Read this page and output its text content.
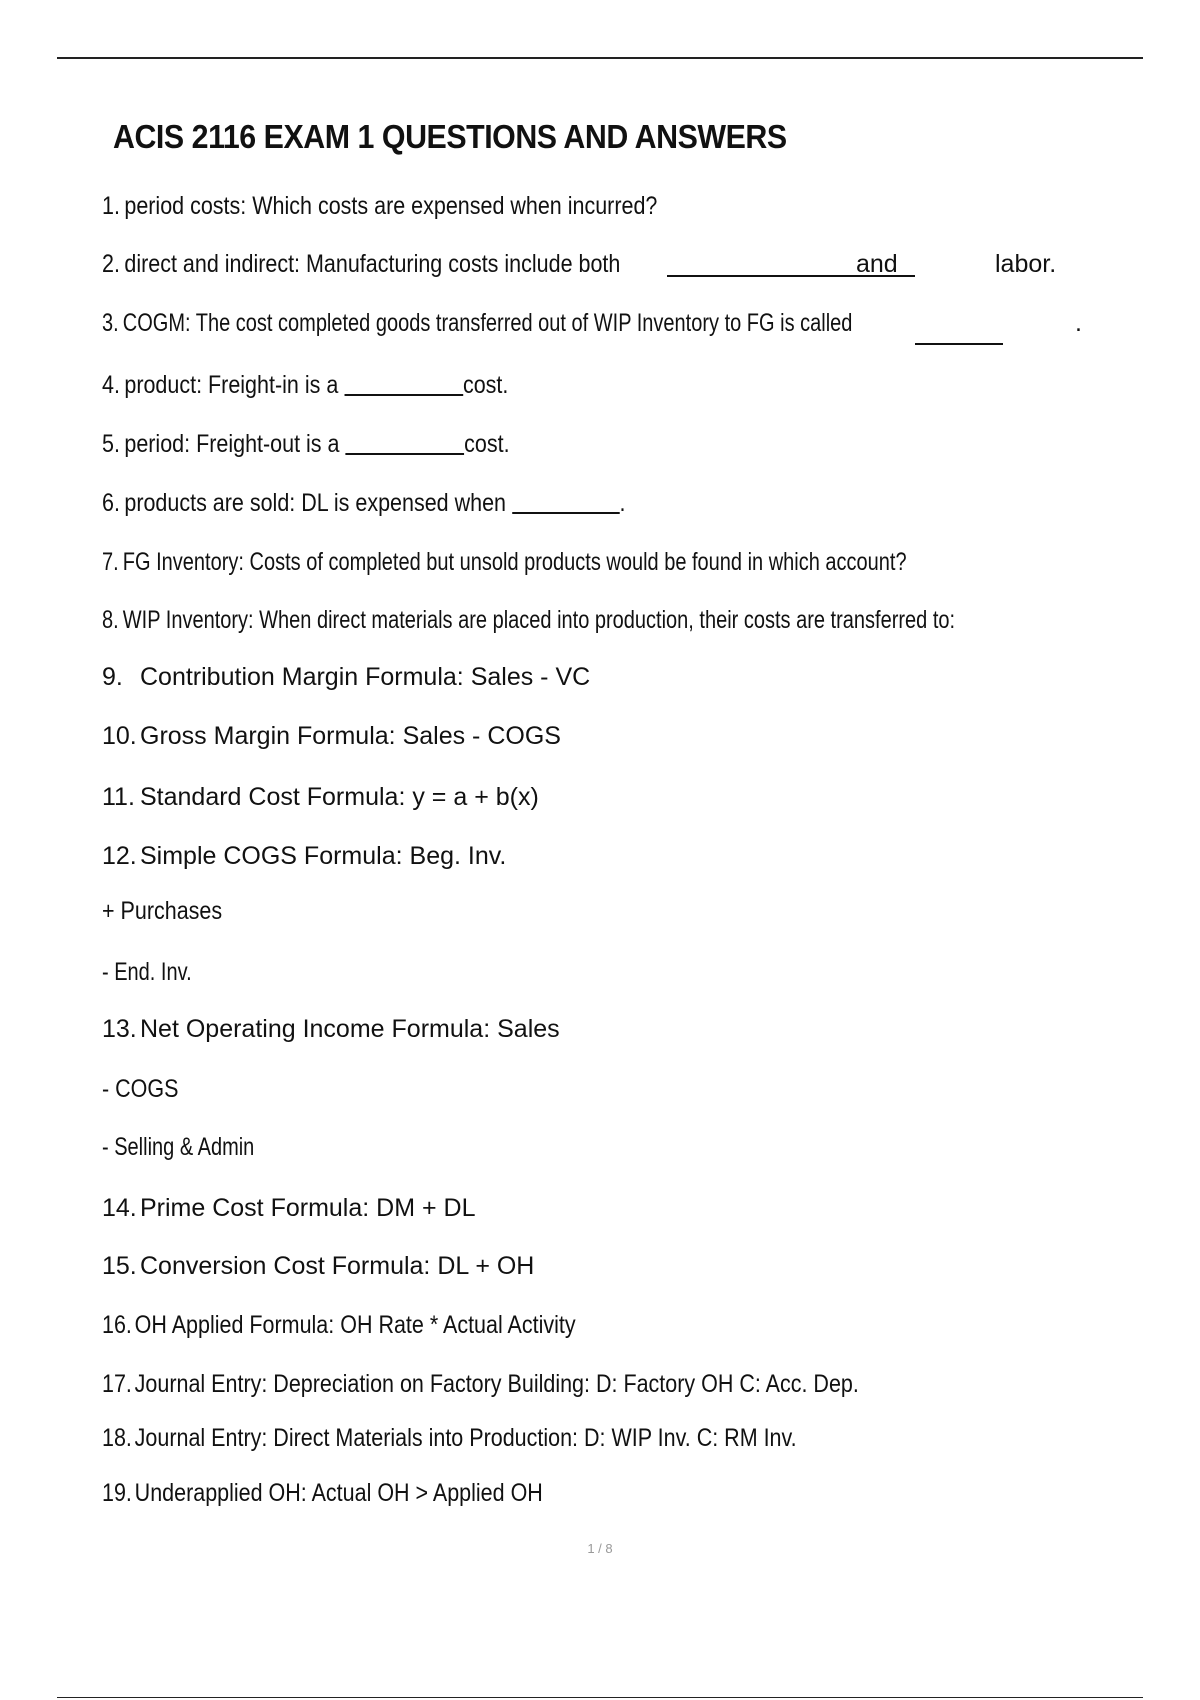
ACIS 2116 EXAM 1 QUESTIONS AND ANSWERS
1. period costs: Which costs are expensed when incurred?
2. direct and indirect: Manufacturing costs include both	and	labor.
3. COGM: The cost completed goods transferred out of WIP Inventory to FG is called	.
4. product: Freight-in is a	cost.
5. period: Freight-out is a	cost.
6. products are sold: DL is expensed when	.
7. FG Inventory: Costs of completed but unsold products would be found in which account?
8. WIP Inventory: When direct materials are placed into production, their costs are transferred to:
9. Contribution Margin Formula: Sales - VC
10. Gross Margin Formula: Sales - COGS
11. Standard Cost Formula: y = a + b(x)
12. Simple COGS Formula: Beg. Inv.
+ Purchases
- End. Inv.
13. Net Operating Income Formula: Sales
- COGS
- Selling & Admin
14. Prime Cost Formula: DM + DL
15. Conversion Cost Formula: DL + OH
16. OH Applied Formula: OH Rate * Actual Activity
17. Journal Entry: Depreciation on Factory Building: D: Factory OH C: Acc. Dep.
18. Journal Entry: Direct Materials into Production: D: WIP Inv. C: RM Inv.
19. Underapplied OH: Actual OH > Applied OH
1 / 8
